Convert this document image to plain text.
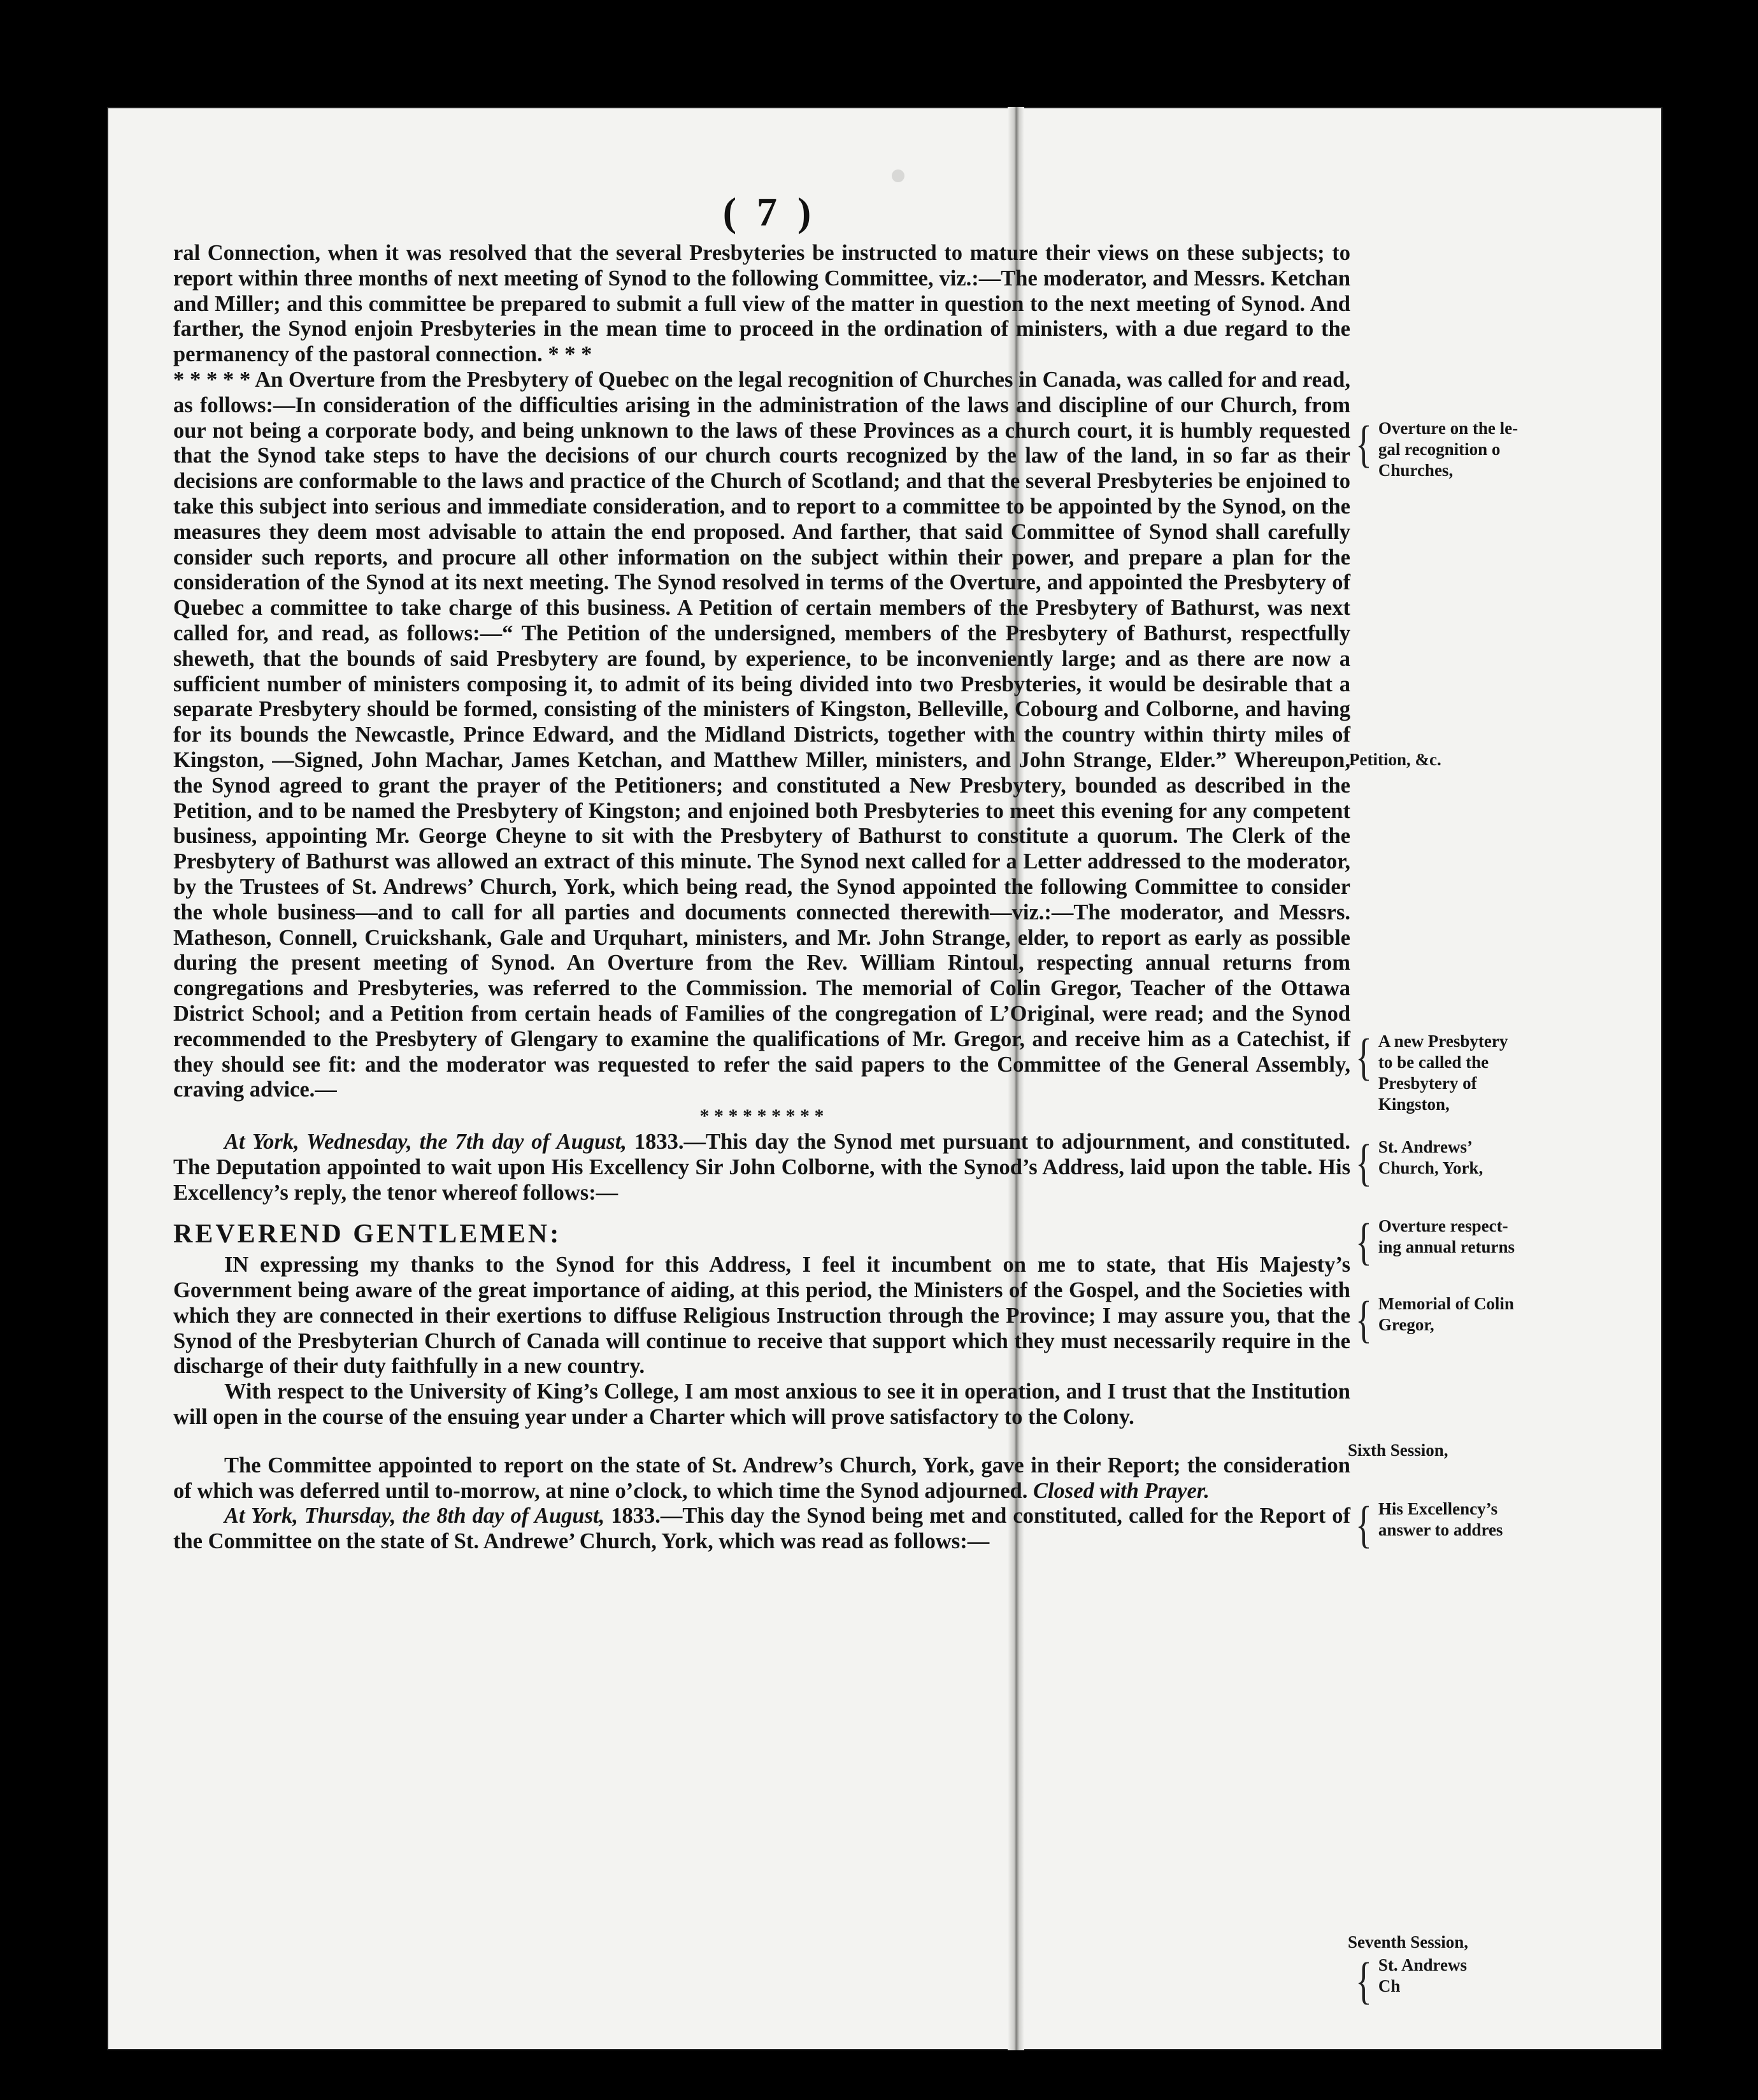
( 7 )

ral Connection, when it was resolved that the several Presbyteries be instructed to mature their views on these subjects; to report within three months of next meeting of Synod to the following Committee, viz.:—The moderator, and Messrs. Ketchan and Miller; and this committee be prepared to submit a full view of the matter in question to the next meeting of Synod. And farther, the Synod enjoin Presbyteries in the mean time to proceed in the ordination of ministers, with a due regard to the permanency of the pastoral connection. * * *

* * * * * An Overture from the Presbytery of Quebec on the legal recognition of Churches in Canada, was called for and read, as follows:—In consideration of the difficulties arising in the administration of the laws and discipline of our Church, from our not being a corporate body, and being unknown to the laws of these Provinces as a church court, it is humbly requested that the Synod take steps to have the decisions of our church courts recognized by the law of the land, in so far as their decisions are conformable to the laws and practice of the Church of Scotland; and that the several Presbyteries be enjoined to take this subject into serious and immediate consideration, and to report to a committee to be appointed by the Synod, on the measures they deem most advisable to attain the end proposed. And farther, that said Committee of Synod shall carefully consider such reports, and procure all other information on the subject within their power, and prepare a plan for the consideration of the Synod at its next meeting. The Synod resolved in terms of the Overture, and appointed the Presbytery of Quebec a committee to take charge of this business. A Petition of certain members of the Presbytery of Bathurst, was next called for, and read, as follows:—“ The Petition of the undersigned, members of the Presbytery of Bathurst, respectfully sheweth, that the bounds of said Presbytery are found, by experience, to be inconveniently large; and as there are now a sufficient number of ministers composing it, to admit of its being divided into two Presbyteries, it would be desirable that a separate Presbytery should be formed, consisting of the ministers of Kingston, Belleville, Cobourg and Colborne, and having for its bounds the Newcastle, Prince Edward, and the Midland Districts, together with the country within thirty miles of Kingston, —Signed, John Machar, James Ketchan, and Matthew Miller, ministers, and John Strange, Elder.” Whereupon, the Synod agreed to grant the prayer of the Petitioners; and constituted a New Presbytery, bounded as described in the Petition, and to be named the Presbytery of Kingston; and enjoined both Presbyteries to meet this evening for any competent business, appointing Mr. George Cheyne to sit with the Presbytery of Bathurst to constitute a quorum. The Clerk of the Presbytery of Bathurst was allowed an extract of this minute. The Synod next called for a Letter addressed to the moderator, by the Trustees of St. Andrews’ Church, York, which being read, the Synod appointed the following Committee to consider the whole business—and to call for all parties and documents connected therewith—viz.:—The moderator, and Messrs. Matheson, Connell, Cruickshank, Gale and Urquhart, ministers, and Mr. John Strange, elder, to report as early as possible during the present meeting of Synod. An Overture from the Rev. William Rintoul, respecting annual returns from congregations and Presbyteries, was referred to the Commission. The memorial of Colin Gregor, Teacher of the Ottawa District School; and a Petition from certain heads of Families of the congregation of L’Original, were read; and the Synod recommended to the Presbytery of Glengary to examine the qualifications of Mr. Gregor, and receive him as a Catechist, if they should see fit: and the moderator was requested to refer the said papers to the Committee of the General Assembly, craving advice.—

* * * * * * * * *

At York, Wednesday, the 7th day of August, 1833.—This day the Synod met pursuant to adjournment, and constituted. The Deputation appointed to wait upon His Excellency Sir John Colborne, with the Synod’s Address, laid upon the table. His Excellency’s reply, the tenor whereof follows:—

REVEREND GENTLEMEN:

IN expressing my thanks to the Synod for this Address, I feel it incumbent on me to state, that His Majesty’s Government being aware of the great importance of aiding, at this period, the Ministers of the Gospel, and the Societies with which they are connected in their exertions to diffuse Religious Instruction through the Province; I may assure you, that the Synod of the Presbyterian Church of Canada will continue to receive that support which they must necessarily require in the discharge of their duty faithfully in a new country.

With respect to the University of King’s College, I am most anxious to see it in operation, and I trust that the Institution will open in the course of the ensuing year under a Charter which will prove satisfactory to the Colony.

The Committee appointed to report on the state of St. Andrew’s Church, York, gave in their Report; the consideration of which was deferred until to-morrow, at nine o’clock, to which time the Synod adjourned. Closed with Prayer.

At York, Thursday, the 8th day of August, 1833.—This day the Synod being met and constituted, called for the Report of the Committee on the state of St. Andrewe’ Church, York, which was read as follows:—

{ Overture on the le-
gal recognition o
Churches,
Petition, &c.
{ A new Presbytery
to be called the
Presbytery of
Kingston,
{ St. Andrews’
Church, York,
{ Overture respect-
ing annual returns
{ Memorial of Colin
Gregor,
Sixth Session,
{ His Excellency’s
answer to addres
Seventh Session,
{ St. Andrews
Ch
